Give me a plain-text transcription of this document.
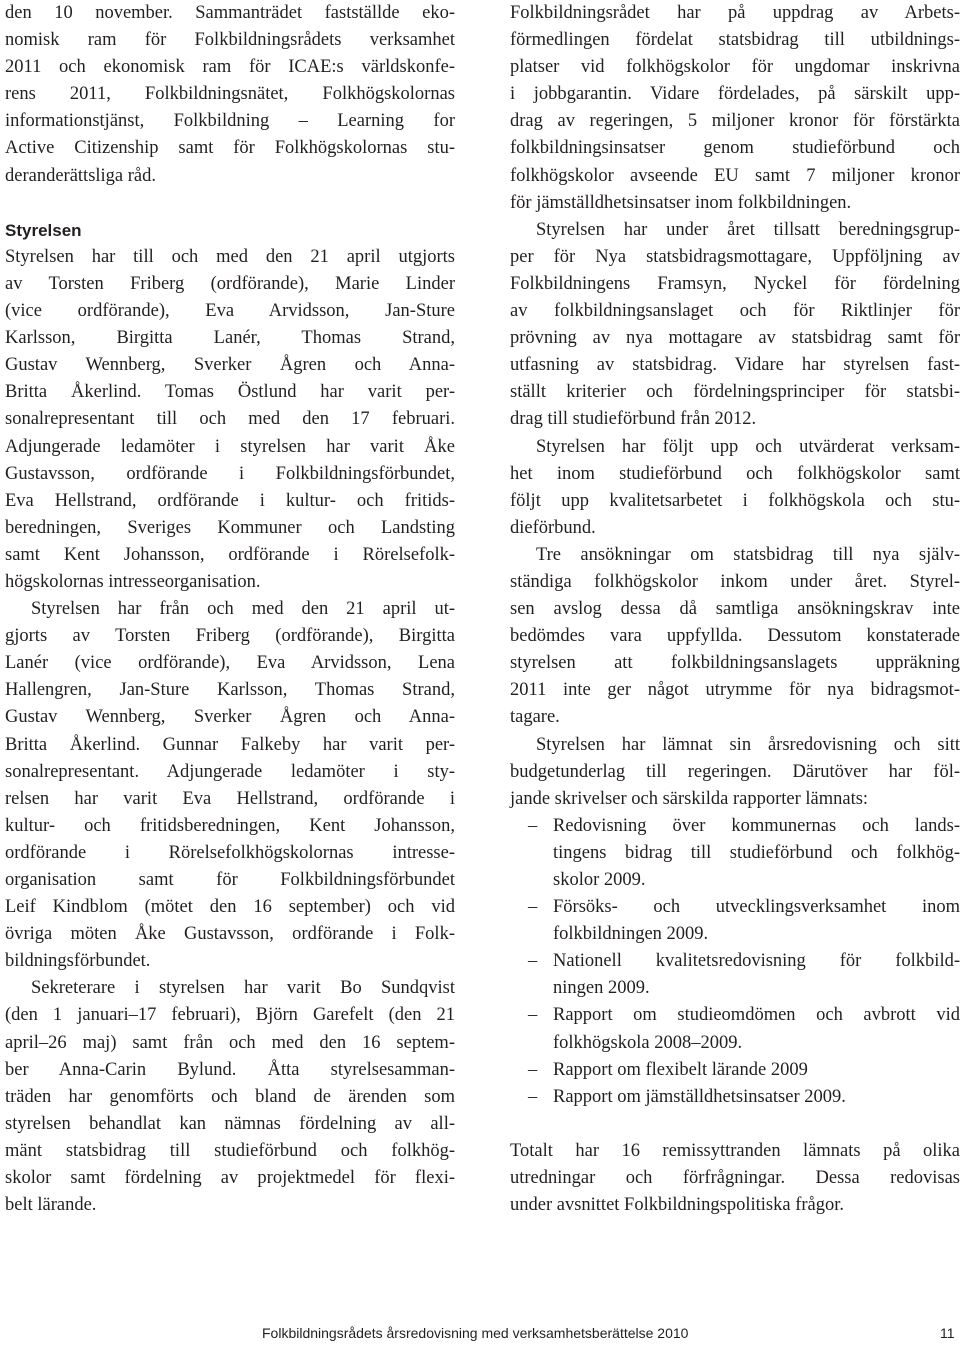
den 10 november. Sammanträdet fastställde eko-
nomisk ram för Folkbildningsrådets verksamhet
2011 och ekonomisk ram för ICAE:s världskonfe-
rens 2011, Folkbildningsnätet, Folkhögskolornas
informationstjänst, Folkbildning – Learning for
Active Citizenship samt för Folkhögskolornas stu-
deranderättsliga råd.
Styrelsen
Styrelsen har till och med den 21 april utgjorts
av Torsten Friberg (ordförande), Marie Linder
(vice ordförande), Eva Arvidsson, Jan-Sture
Karlsson, Birgitta Lanér, Thomas Strand,
Gustav Wennberg, Sverker Ågren och Anna-
Britta Åkerlind. Tomas Östlund har varit per-
sonalrepresentant till och med den 17 februari.
Adjungerade ledamöter i styrelsen har varit Åke
Gustavsson, ordförande i Folkbildningsförbundet,
Eva Hellstrand, ordförande i kultur- och fritids-
beredningen, Sveriges Kommuner och Landsting
samt Kent Johansson, ordförande i Rörelsefolk-
högskolornas intresseorganisation.
Styrelsen har från och med den 21 april ut-
gjorts av Torsten Friberg (ordförande), Birgitta
Lanér (vice ordförande), Eva Arvidsson, Lena
Hallengren, Jan-Sture Karlsson, Thomas Strand,
Gustav Wennberg, Sverker Ågren och Anna-
Britta Åkerlind. Gunnar Falkeby har varit per-
sonalrepresentant. Adjungerade ledamöter i sty-
relsen har varit Eva Hellstrand, ordförande i
kultur- och fritidsberedningen, Kent Johansson,
ordförande i Rörelsefolkhögskolornas intresse-
organisation samt för Folkbildningsförbundet
Leif Kindblom (mötet den 16 september) och vid
övriga möten Åke Gustavsson, ordförande i Folk-
bildningsförbundet.
Sekreterare i styrelsen har varit Bo Sundqvist
(den 1 januari–17 februari), Björn Garefelt (den 21
april–26 maj) samt från och med den 16 septem-
ber Anna-Carin Bylund. Åtta styrelsesamman-
träden har genomförts och bland de ärenden som
styrelsen behandlat kan nämnas fördelning av all-
mänt statsbidrag till studieförbund och folkhög-
skolor samt fördelning av projektmedel för flexi-
belt lärande.
Folkbildningsrådet har på uppdrag av Arbets-
förmedlingen fördelat statsbidrag till utbildnings-
platser vid folkhögskolor för ungdomar inskrivna
i jobbgarantin. Vidare fördelades, på särskilt upp-
drag av regeringen, 5 miljoner kronor för förstärkta
folkbildningsinsatser genom studieförbund och
folkhögskolor avseende EU samt 7 miljoner kronor
för jämställdhetsinsatser inom folkbildningen.
Styrelsen har under året tillsatt beredningsgrup-
per för Nya statsbidragsmottagare, Uppföljning av
Folkbildningens Framsyn, Nyckel för fördelning
av folkbildningsanslaget och för Riktlinjer för
prövning av nya mottagare av statsbidrag samt för
utfasning av statsbidrag. Vidare har styrelsen fast-
ställt kriterier och fördelningsprinciper för statsbi-
drag till studieförbund från 2012.
Styrelsen har följt upp och utvärderat verksam-
het inom studieförbund och folkhögskolor samt
följt upp kvalitetsarbetet i folkhögskola och stu-
dieförbund.
Tre ansökningar om statsbidrag till nya själv-
ständiga folkhögskolor inkom under året. Styrel-
sen avslog dessa då samtliga ansökningskrav inte
bedömdes vara uppfyllda. Dessutom konstaterade
styrelsen att folkbildningsanslagets uppräkning
2011 inte ger något utrymme för nya bidragsmot-
tagare.
Styrelsen har lämnat sin årsredovisning och sitt
budgetunderlag till regeringen. Därutöver har föl-
jande skrivelser och särskilda rapporter lämnats:
– Redovisning över kommunernas och lands-
tingens bidrag till studieförbund och folkhög-
skolor 2009.
– Försöks- och utvecklingsverksamhet inom
folkbildningen 2009.
– Nationell kvalitetsredovisning för folkbild-
ningen 2009.
– Rapport om studieomdömen och avbrott vid
folkhögskola 2008–2009.
– Rapport om flexibelt lärande 2009
– Rapport om jämställdhetsinsatser 2009.
Totalt har 16 remissyttranden lämnats på olika
utredningar och förfrågningar. Dessa redovisas
under avsnittet Folkbildningspolitiska frågor.
Folkbildningsrådets årsredovisning med verksamhetsberättelse 2010	11
